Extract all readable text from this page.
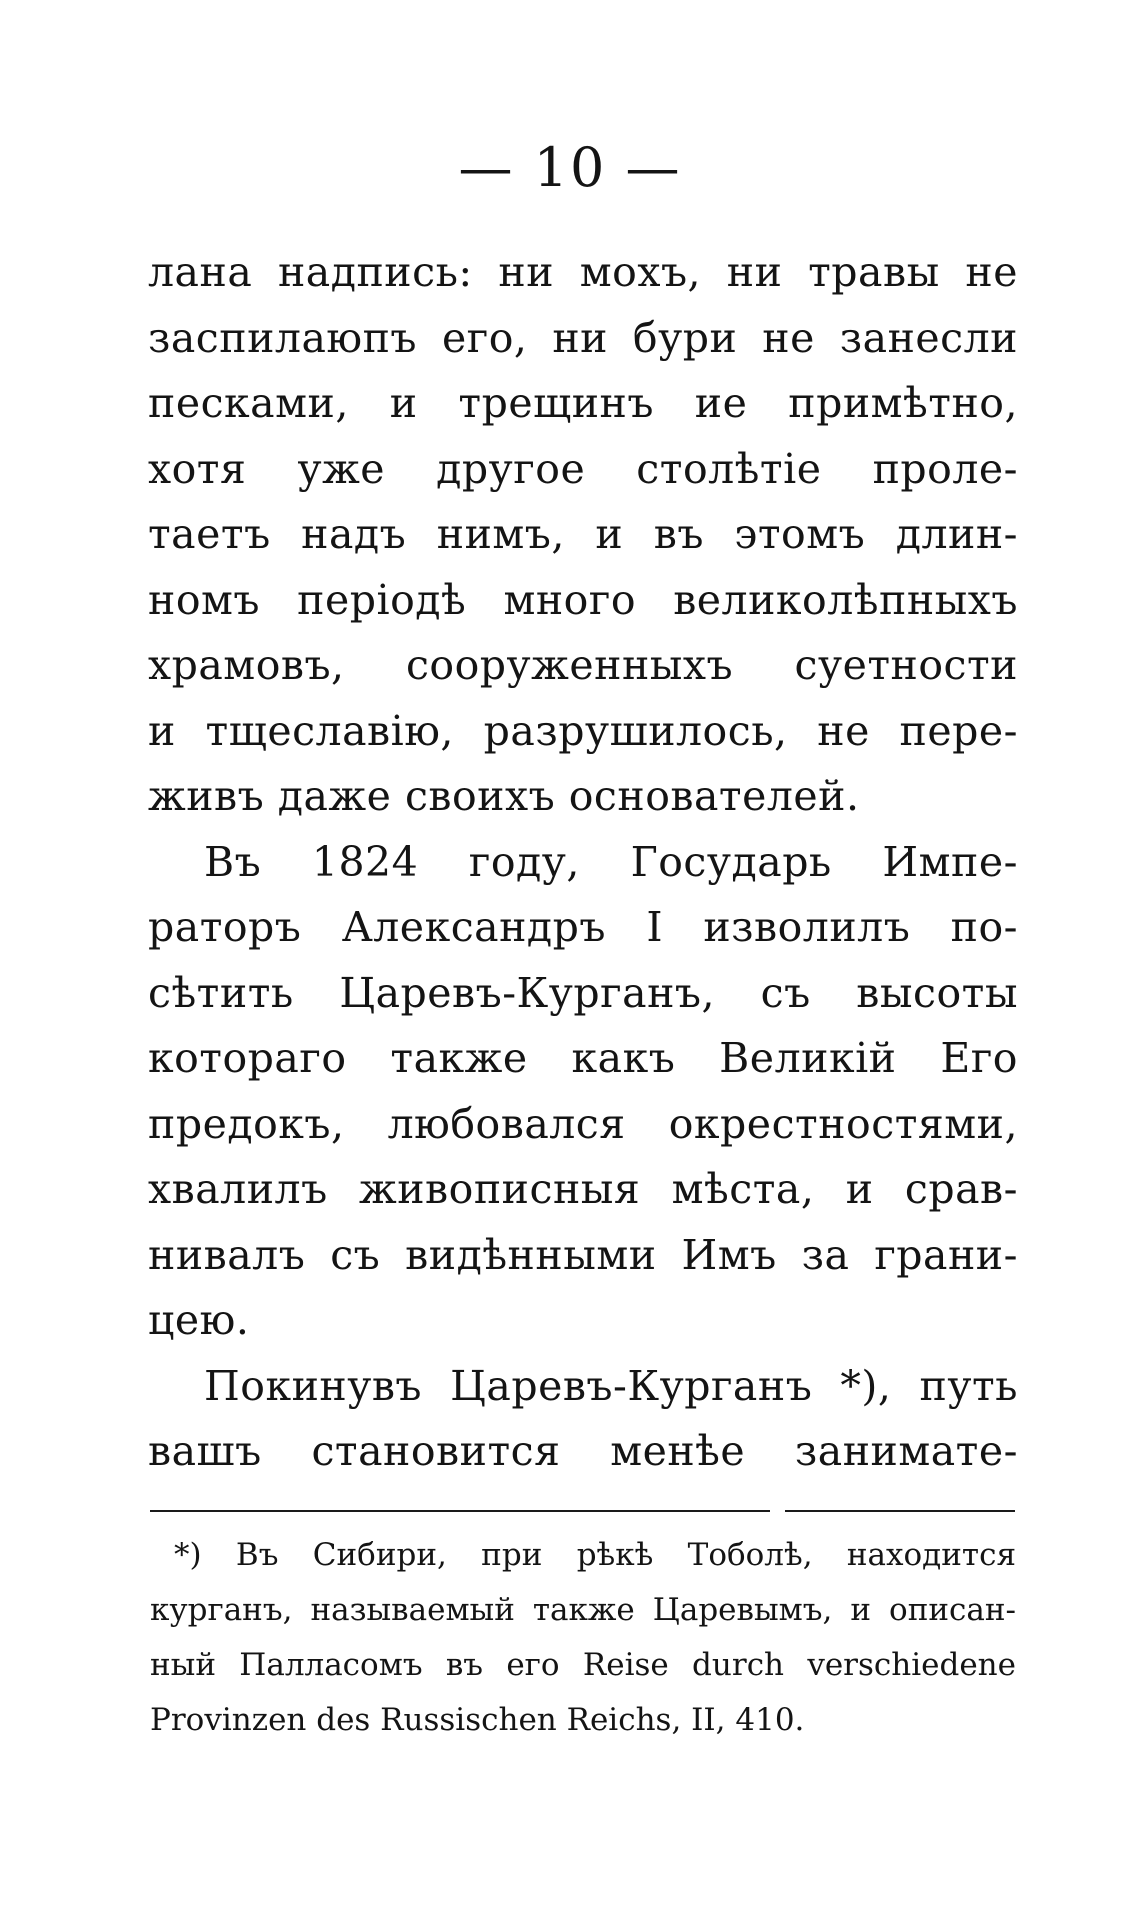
— 10 —

лана надпись: ни мохъ, ни травы не
заспилаюпъ его, ни бури не занесли
песками, и трещинъ ие примѣтно,
хотя уже другое столѣтіе проле-
таетъ надъ нимъ, и въ этомъ длин-
номъ періодѣ много великолѣпныхъ
храмовъ, сооруженныхъ суетности
и тщеславію, разрушилось, не пере-
живъ даже своихъ основателей.
Въ 1824 году, Государь Импе-
раторъ Александръ I изволилъ по-
сѣтить Царевъ-Курганъ, съ высоты
котораго также какъ Великій Его
предокъ, любовался окрестностями,
хвалилъ живописныя мѣста, и срав-
нивалъ съ видѣнными Имъ за грани-
цею.
Покинувъ Царевъ-Курганъ *), путь
вашъ становится менѣе занимате-
*) Въ Сибири, при рѣкѣ Тоболѣ, находится
курганъ, называемый также Царевымъ, и описан-
ный Палласомъ въ его Reise durch verschiedene
Provinzen des Russischen Reichs, II, 410.
